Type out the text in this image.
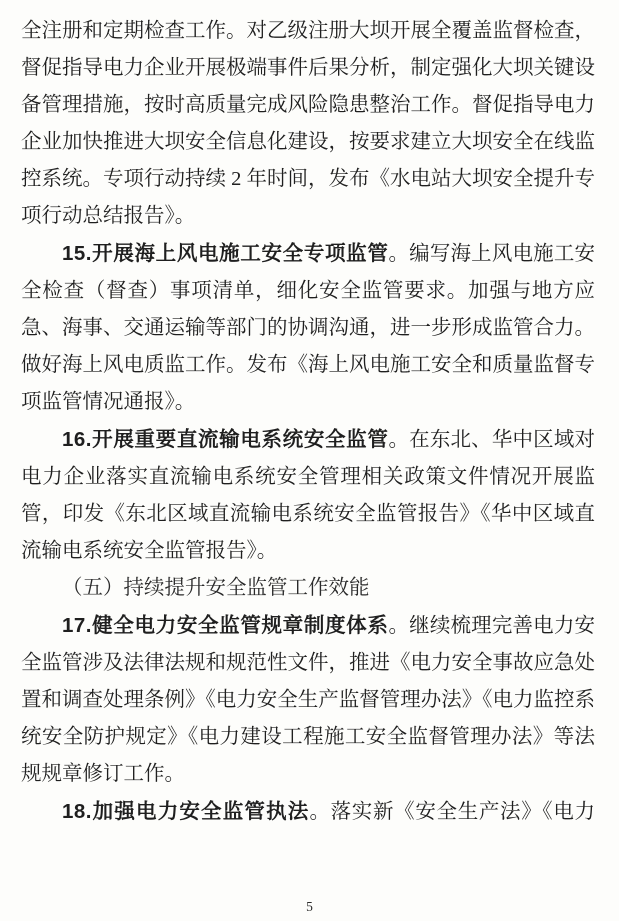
全注册和定期检查工作。对乙级注册大坝开展全覆盖监督检查，督促指导电力企业开展极端事件后果分析，制定强化大坝关键设备管理措施，按时高质量完成风险隐患整治工作。督促指导电力企业加快推进大坝安全信息化建设，按要求建立大坝安全在线监控系统。专项行动持续 2 年时间，发布《水电站大坝安全提升专项行动总结报告》。

15.开展海上风电施工安全专项监管。编写海上风电施工安全检查（督查）事项清单，细化安全监管要求。加强与地方应急、海事、交通运输等部门的协调沟通，进一步形成监管合力。做好海上风电质监工作。发布《海上风电施工安全和质量监督专项监管情况通报》。

16.开展重要直流输电系统安全监管。在东北、华中区域对电力企业落实直流输电系统安全管理相关政策文件情况开展监管，印发《东北区域直流输电系统安全监管报告》《华中区域直流输电系统安全监管报告》。

（五）持续提升安全监管工作效能

17.健全电力安全监管规章制度体系。继续梳理完善电力安全监管涉及法律法规和规范性文件，推进《电力安全事故应急处置和调查处理条例》《电力安全生产监督管理办法》《电力监控系统安全防护规定》《电力建设工程施工安全监督管理办法》等法规规章修订工作。

18.加强电力安全监管执法。落实新《安全生产法》《电力

5
